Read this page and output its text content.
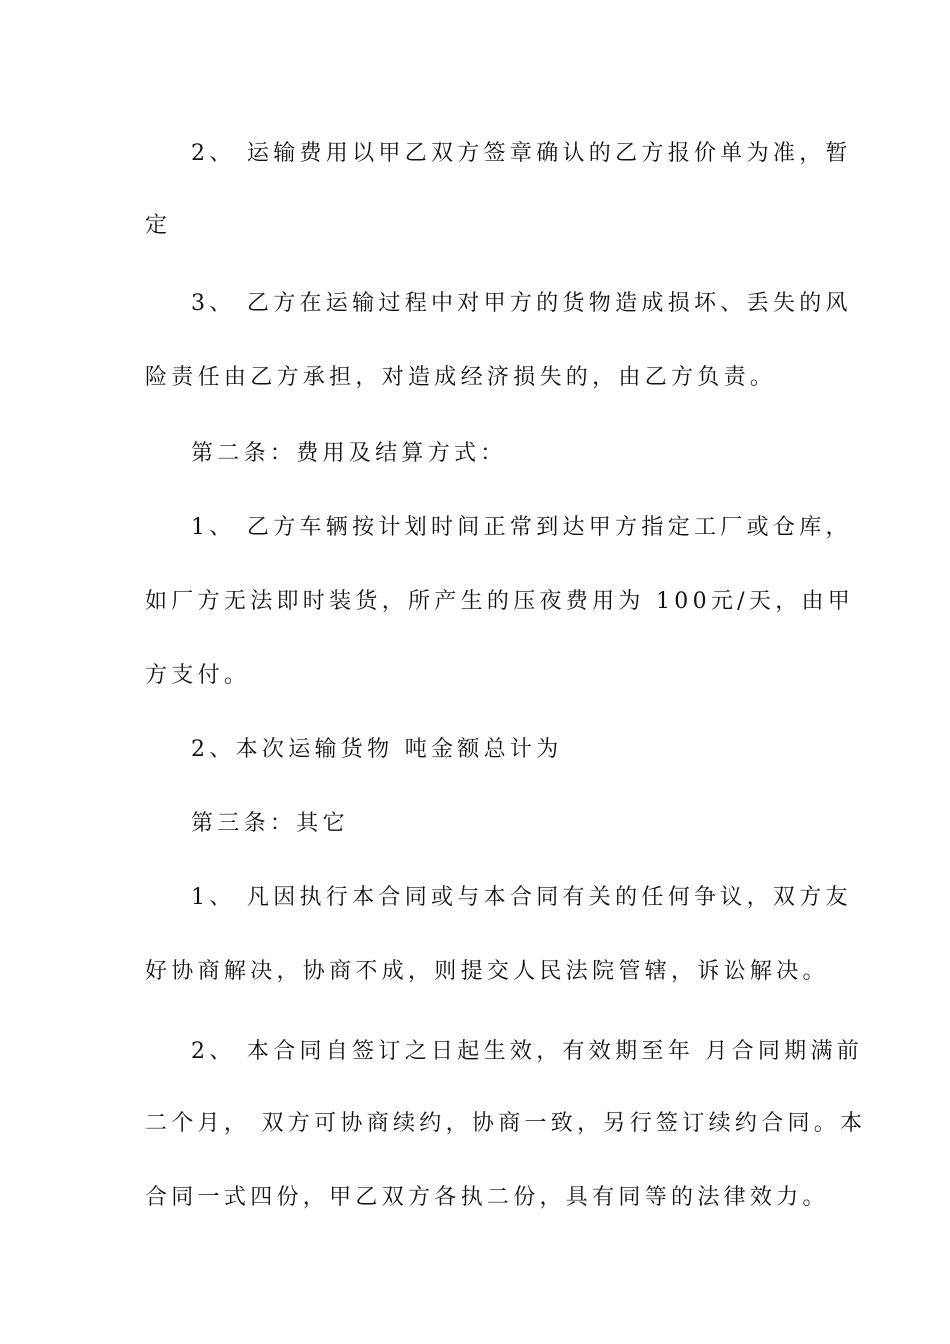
2、 运输费用以甲乙双方签章确认的乙方报价单为准，暂

定

3、 乙方在运输过程中对甲方的货物造成损坏、丢失的风

险责任由乙方承担，对造成经济损失的，由乙方负责。

第二条：费用及结算方式：

1、 乙方车辆按计划时间正常到达甲方指定工厂或仓库，

如厂方无法即时装货，所产生的压夜费用为 100元/天，由甲

方支付。

2、本次运输货物 吨金额总计为

第三条：其它

1、 凡因执行本合同或与本合同有关的任何争议，双方友

好协商解决，协商不成，则提交人民法院管辖，诉讼解决。

2、 本合同自签订之日起生效，有效期至年 月合同期满前

二个月， 双方可协商续约，协商一致，另行签订续约合同。本

合同一式四份，甲乙双方各执二份，具有同等的法律效力。
